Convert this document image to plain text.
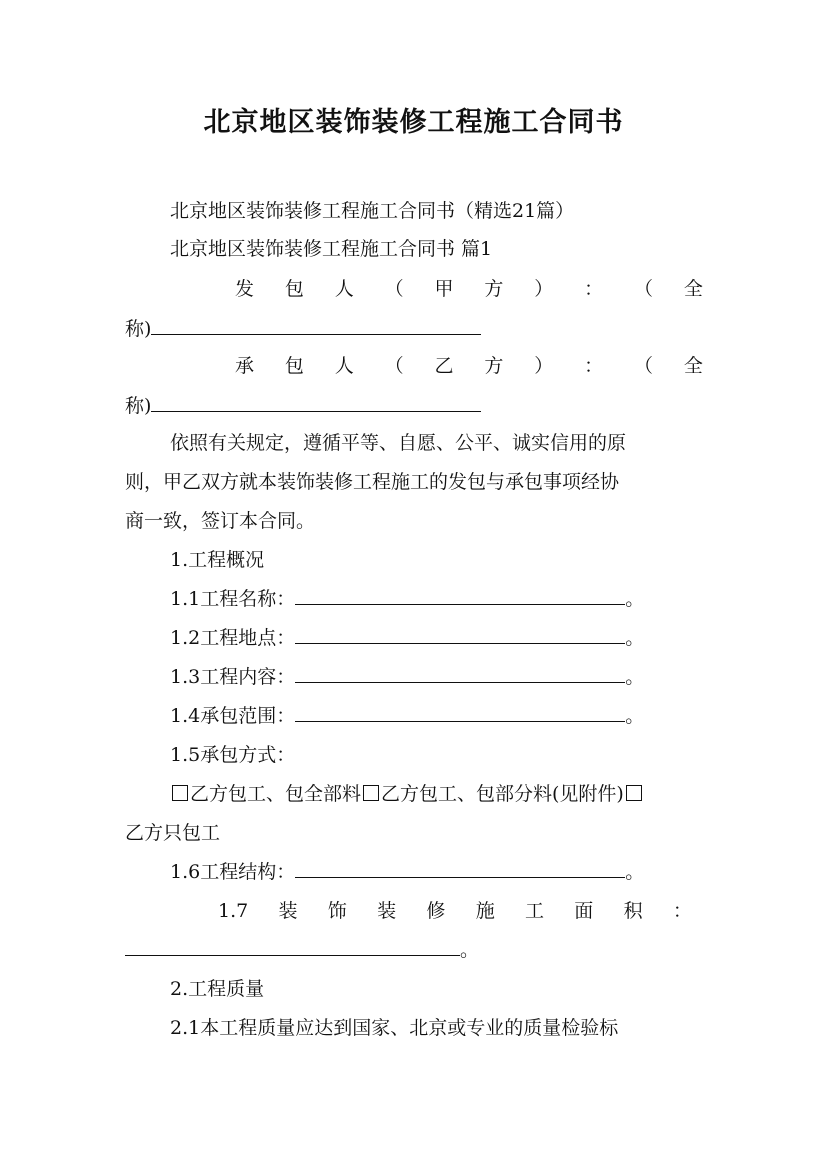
北京地区装饰装修工程施工合同书
北京地区装饰装修工程施工合同书（精选21篇）
北京地区装饰装修工程施工合同书 篇1
发 包 人 （ 甲 方 ） ： （ 全
称)
承 包 人 （ 乙 方 ） ： （ 全
称)
依照有关规定，遵循平等、自愿、公平、诚实信用的原
则，甲乙双方就本装饰装修工程施工的发包与承包事项经协
商一致，签订本合同。
1.工程概况
1.1工程名称：	。
1.2工程地点：	。
1.3工程内容：	。
1.4承包范围：	。
1.5承包方式：
乙方包工、包全部料 乙方包工、包部分料(见附件)
乙方只包工
1.6工程结构：	。
1.7 装 饰 装 修 施 工 面 积 ：
。
2.工程质量
2.1本工程质量应达到国家、北京或专业的质量检验标
